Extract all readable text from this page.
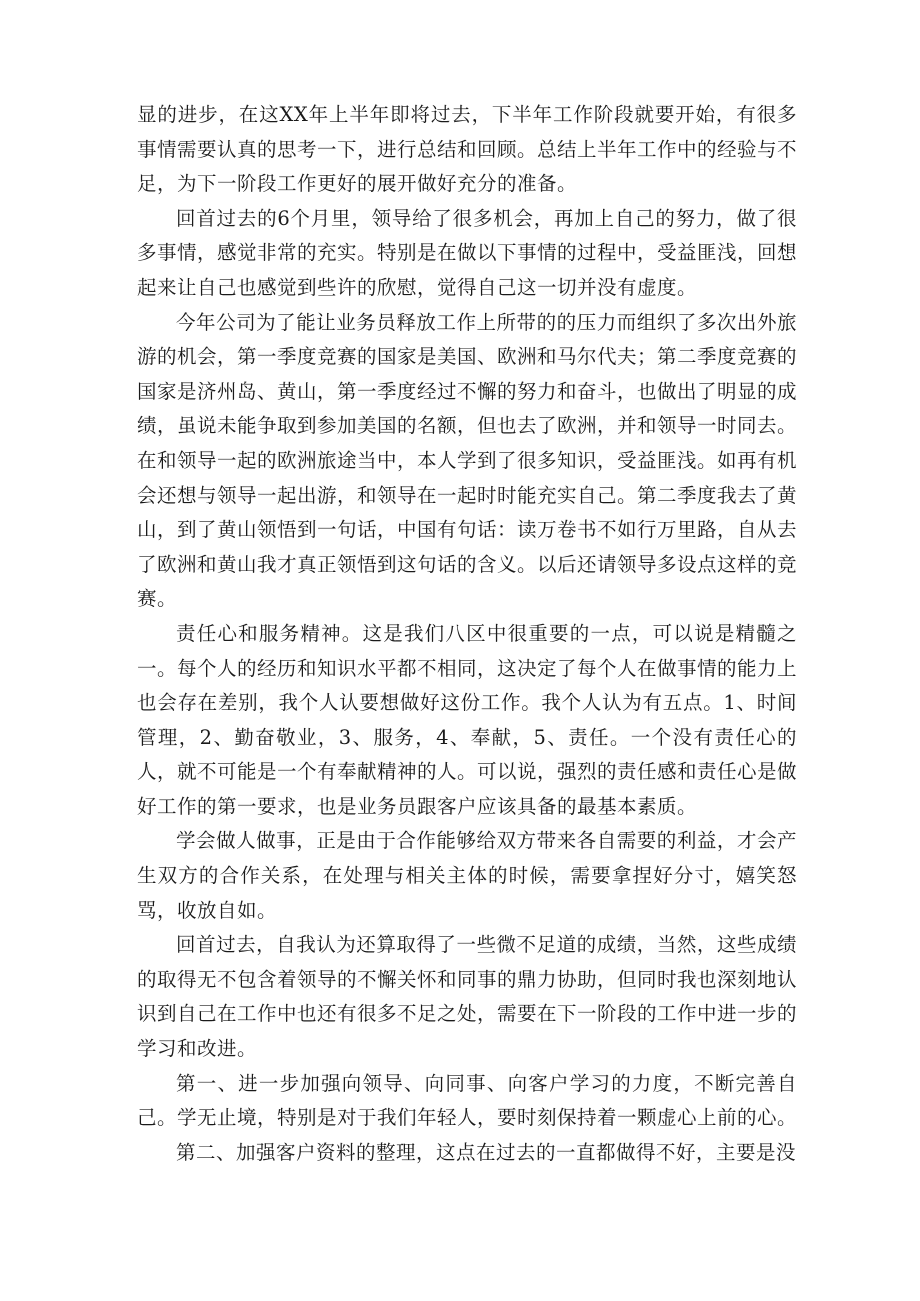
显的进步，在这XX年上半年即将过去，下半年工作阶段就要开始，有很多事情需要认真的思考一下，进行总结和回顾。总结上半年工作中的经验与不足，为下一阶段工作更好的展开做好充分的准备。

回首过去的6个月里，领导给了很多机会，再加上自己的努力，做了很多事情，感觉非常的充实。特别是在做以下事情的过程中，受益匪浅，回想起来让自己也感觉到些许的欣慰，觉得自己这一切并没有虚度。

今年公司为了能让业务员释放工作上所带的的压力而组织了多次出外旅游的机会，第一季度竞赛的国家是美国、欧洲和马尔代夫；第二季度竞赛的国家是济州岛、黄山，第一季度经过不懈的努力和奋斗，也做出了明显的成绩，虽说未能争取到参加美国的名额，但也去了欧洲，并和领导一时同去。在和领导一起的欧洲旅途当中，本人学到了很多知识，受益匪浅。如再有机会还想与领导一起出游，和领导在一起时时能充实自己。第二季度我去了黄山，到了黄山领悟到一句话，中国有句话：读万卷书不如行万里路，自从去了欧洲和黄山我才真正领悟到这句话的含义。以后还请领导多设点这样的竞赛。

责任心和服务精神。这是我们八区中很重要的一点，可以说是精髓之一。每个人的经历和知识水平都不相同，这决定了每个人在做事情的能力上也会存在差别，我个人认要想做好这份工作。我个人认为有五点。1、时间管理，2、勤奋敬业，3、服务，4、奉献，5、责任。一个没有责任心的人，就不可能是一个有奉献精神的人。可以说，强烈的责任感和责任心是做好工作的第一要求，也是业务员跟客户应该具备的最基本素质。

学会做人做事，正是由于合作能够给双方带来各自需要的利益，才会产生双方的合作关系，在处理与相关主体的时候，需要拿捏好分寸，嬉笑怒骂，收放自如。

回首过去，自我认为还算取得了一些微不足道的成绩，当然，这些成绩的取得无不包含着领导的不懈关怀和同事的鼎力协助，但同时我也深刻地认识到自己在工作中也还有很多不足之处，需要在下一阶段的工作中进一步的学习和改进。

第一、进一步加强向领导、向同事、向客户学习的力度，不断完善自己。学无止境，特别是对于我们年轻人，要时刻保持着一颗虚心上前的心。

第二、加强客户资料的整理，这点在过去的一直都做得不好，主要是没
